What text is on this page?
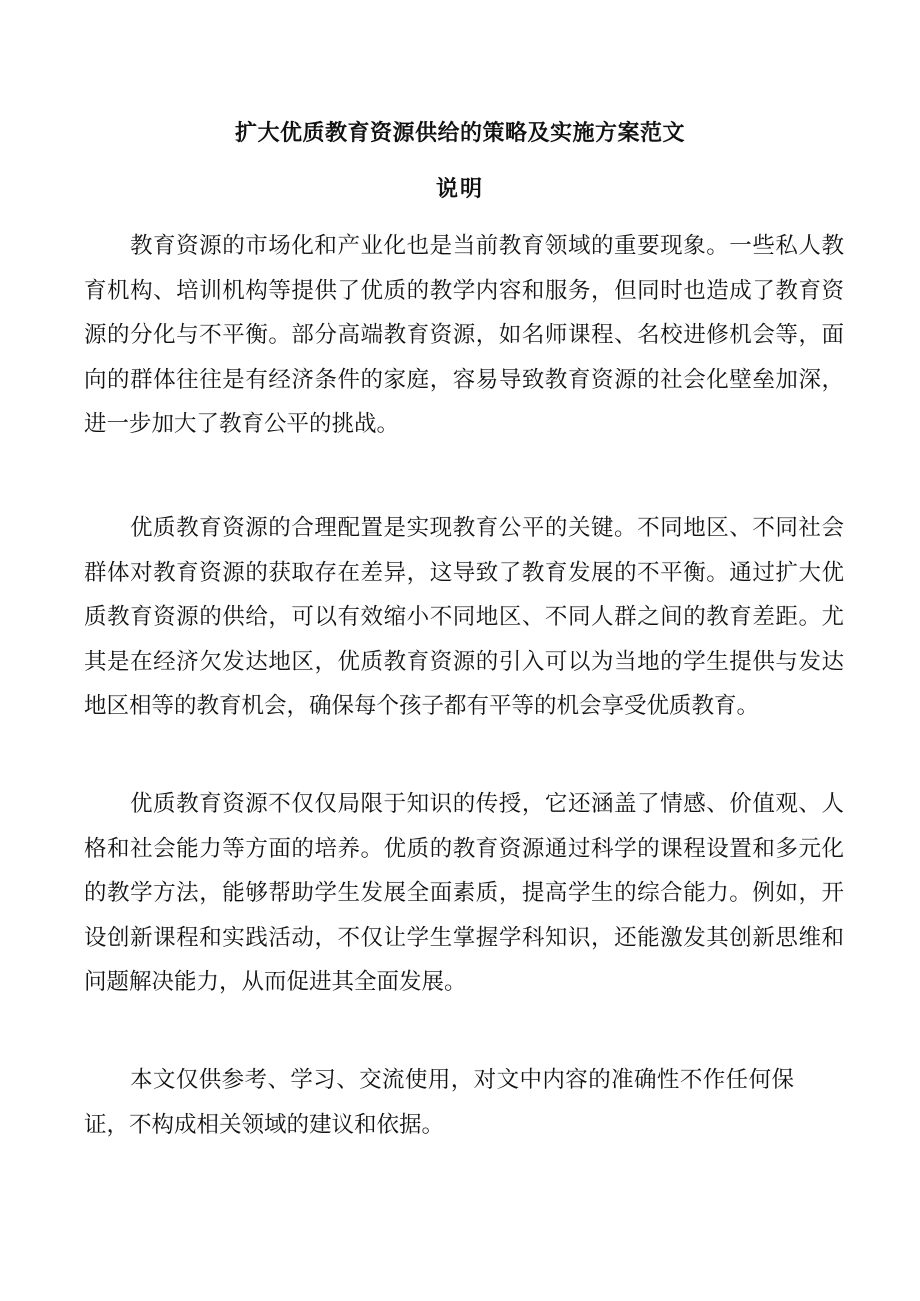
扩大优质教育资源供给的策略及实施方案范文
说明

教育资源的市场化和产业化也是当前教育领域的重要现象。一些私人教育机构、培训机构等提供了优质的教学内容和服务，但同时也造成了教育资源的分化与不平衡。部分高端教育资源，如名师课程、名校进修机会等，面向的群体往往是有经济条件的家庭，容易导致教育资源的社会化壁垒加深，进一步加大了教育公平的挑战。

优质教育资源的合理配置是实现教育公平的关键。不同地区、不同社会群体对教育资源的获取存在差异，这导致了教育发展的不平衡。通过扩大优质教育资源的供给，可以有效缩小不同地区、不同人群之间的教育差距。尤其是在经济欠发达地区，优质教育资源的引入可以为当地的学生提供与发达地区相等的教育机会，确保每个孩子都有平等的机会享受优质教育。

优质教育资源不仅仅局限于知识的传授，它还涵盖了情感、价值观、人格和社会能力等方面的培养。优质的教育资源通过科学的课程设置和多元化的教学方法，能够帮助学生发展全面素质，提高学生的综合能力。例如，开设创新课程和实践活动，不仅让学生掌握学科知识，还能激发其创新思维和问题解决能力，从而促进其全面发展。

本文仅供参考、学习、交流使用，对文中内容的准确性不作任何保证，不构成相关领域的建议和依据。
